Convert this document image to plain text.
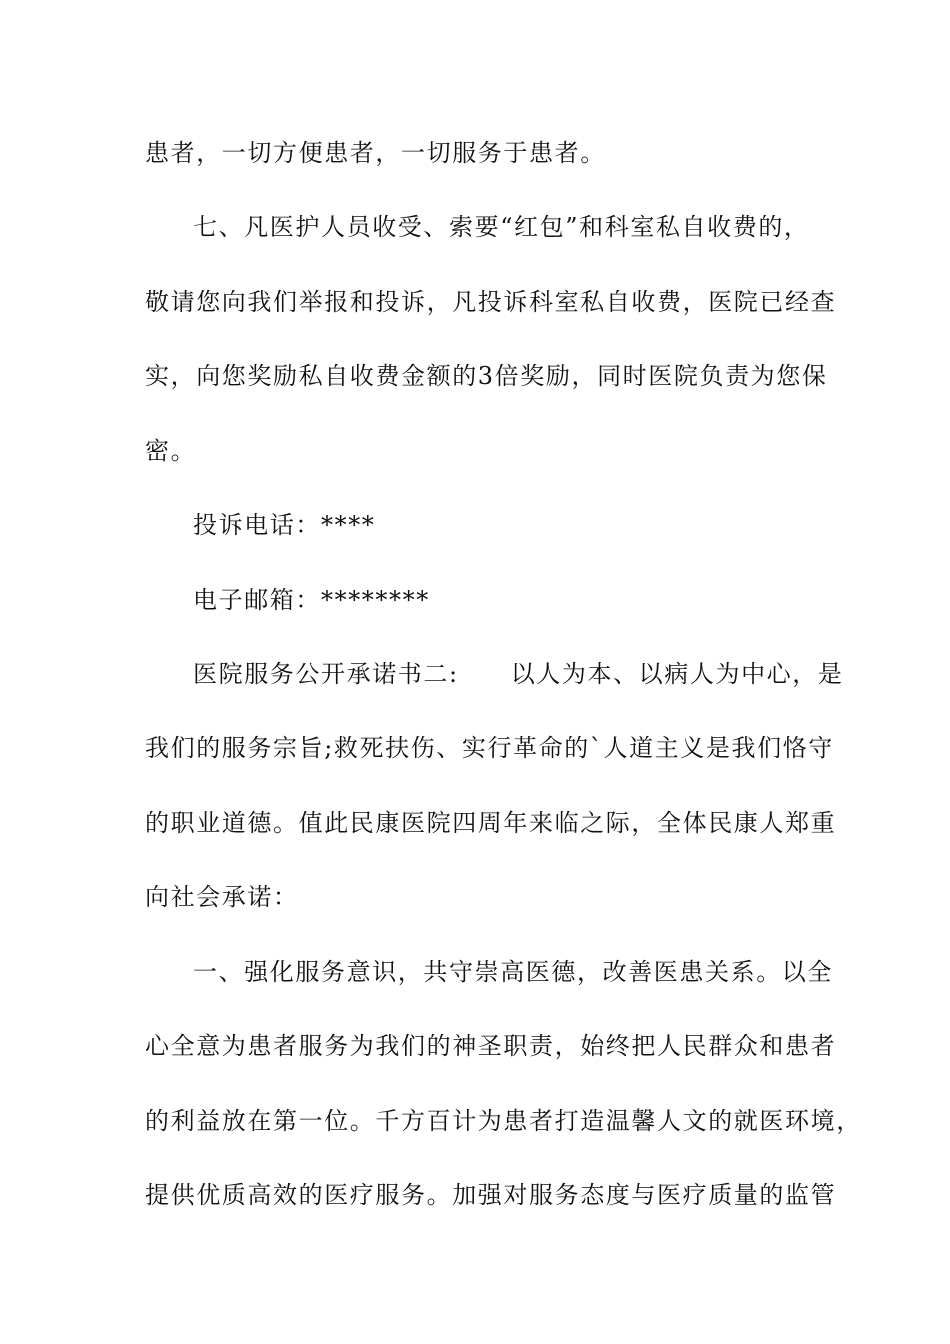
患者，一切方便患者，一切服务于患者。
七、凡医护人员收受、索要“红包”和科室私自收费的，
敬请您向我们举报和投诉，凡投诉科室私自收费，医院已经查
实，向您奖励私自收费金额的3倍奖励，同时医院负责为您保
密。
投诉电话：****
电子邮箱：********
医院服务公开承诺书二: 以人为本、以病人为中心，是
我们的服务宗旨;救死扶伤、实行革命的`人道主义是我们恪守
的职业道德。值此民康医院四周年来临之际，全体民康人郑重
向社会承诺：
一、强化服务意识，共守崇高医德，改善医患关系。以全
心全意为患者服务为我们的神圣职责，始终把人民群众和患者
的利益放在第一位。千方百计为患者打造温馨人文的就医环境，
提供优质高效的医疗服务。加强对服务态度与医疗质量的监管
